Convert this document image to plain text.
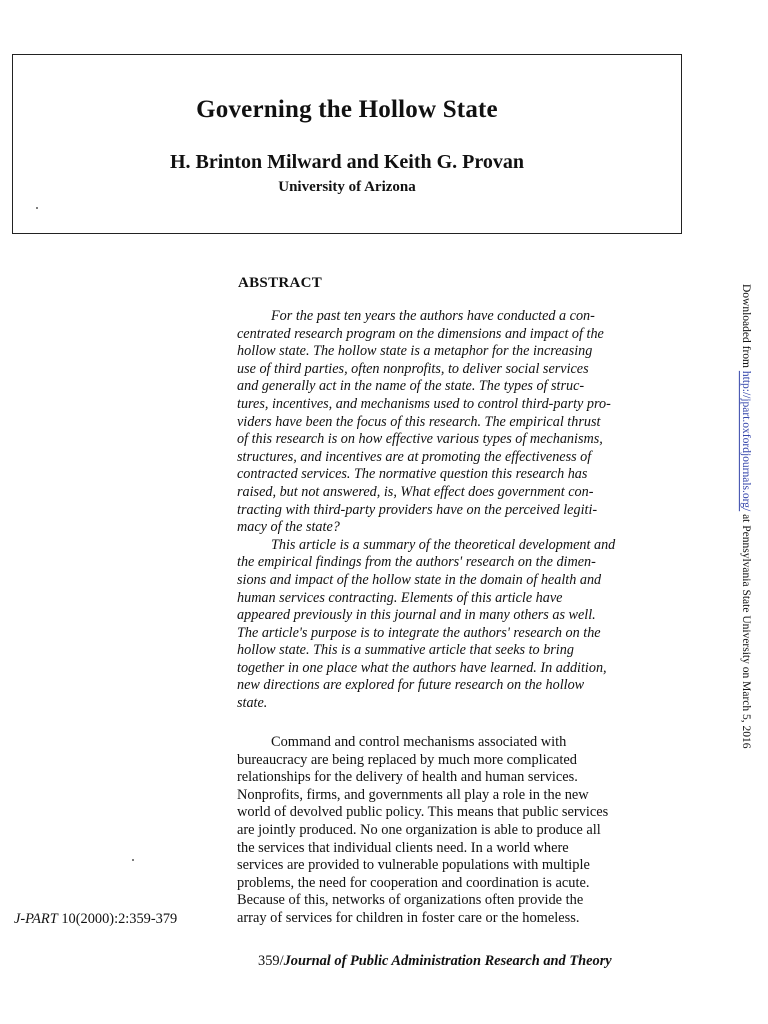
Governing the Hollow State
H. Brinton Milward and Keith G. Provan
University of Arizona
ABSTRACT
For the past ten years the authors have conducted a con-
centrated research program on the dimensions and impact of the
hollow state. The hollow state is a metaphor for the increasing
use of third parties, often nonprofits, to deliver social services
and generally act in the name of the state. The types of struc-
tures, incentives, and mechanisms used to control third-party pro-
viders have been the focus of this research. The empirical thrust
of this research is on how effective various types of mechanisms,
structures, and incentives are at promoting the effectiveness of
contracted services. The normative question this research has
raised, but not answered, is, What effect does government con-
tracting with third-party providers have on the perceived legiti-
macy of the state?
This article is a summary of the theoretical development and
the empirical findings from the authors' research on the dimen-
sions and impact of the hollow state in the domain of health and
human services contracting. Elements of this article have
appeared previously in this journal and in many others as well.
The article's purpose is to integrate the authors' research on the
hollow state. This is a summative article that seeks to bring
together in one place what the authors have learned. In addition,
new directions are explored for future research on the hollow
state.
Command and control mechanisms associated with
bureaucracy are being replaced by much more complicated
relationships for the delivery of health and human services.
Nonprofits, firms, and governments all play a role in the new
world of devolved public policy. This means that public services
are jointly produced. No one organization is able to produce all
the services that individual clients need. In a world where
services are provided to vulnerable populations with multiple
problems, the need for cooperation and coordination is acute.
Because of this, networks of organizations often provide the
array of services for children in foster care or the homeless.
J-PART 10(2000):2:359-379
359/Journal of Public Administration Research and Theory
Downloaded from http://jpart.oxfordjournals.org/ at Pennsylvania State University on March 5, 2016
